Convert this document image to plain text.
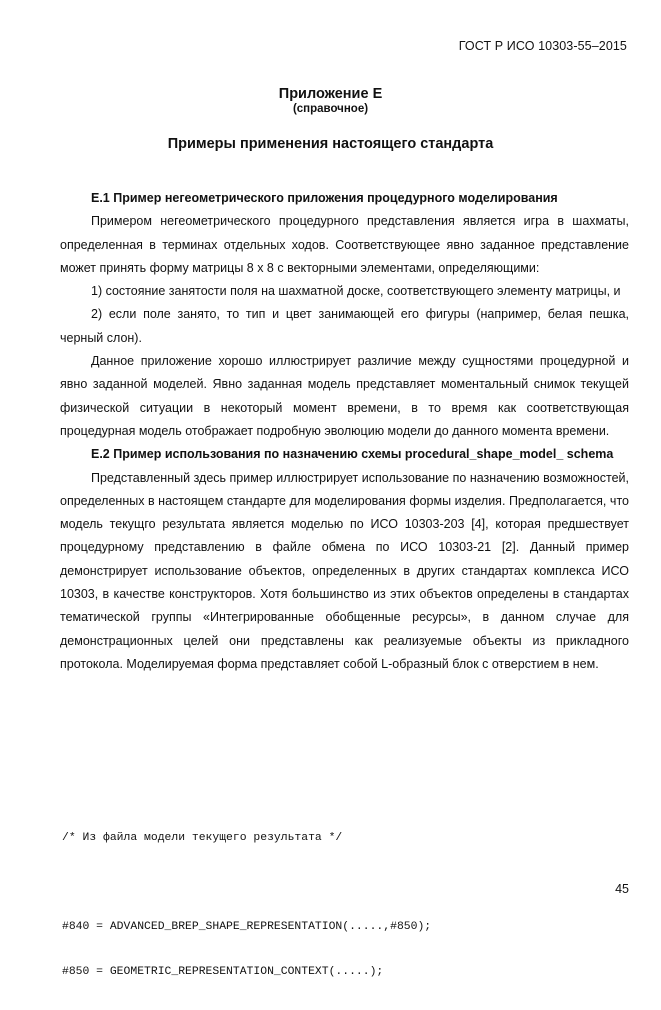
ГОСТ Р ИСО 10303-55–2015
Приложение Е
(справочное)
Примеры применения настоящего стандарта

Е.1 Пример негеометрического приложения процедурного моделирования

Примером негеометрического процедурного представления является игра в шахматы, определенная в терминах отдельных ходов. Соответствующее явно заданное представление может принять форму матрицы 8 х 8 с векторными элементами, определяющими:

1) состояние занятости поля на шахматной доске, соответствующего элементу матрицы, и

2) если поле занято, то тип и цвет занимающей его фигуры (например, белая пешка, черный слон).

Данное приложение хорошо иллюстрирует различие между сущностями процедурной и явно заданной моделей. Явно заданная модель представляет моментальный снимок текущей физической ситуации в некоторый момент времени, в то время как соответствующая процедурная модель отображает подробную эволюцию модели до данного момента времени.

Е.2 Пример использования по назначению схемы procedural_shape_model_ schema

Представленный здесь пример иллюстрирует использование по назначению возможностей, определенных в настоящем стандарте для моделирования формы изделия. Предполагается, что модель текущго результата является моделью по ИСО 10303-203 [4], которая предшествует процедурному представлению в файле обмена по ИСО 10303-21 [2]. Данный пример демонстрирует использование объектов, определенных в других стандартах комплекса ИСО 10303, в качестве конструкторов. Хотя большинство из этих объектов определены в стандартах тематической группы «Интегрированные обобщенные ресурсы», в данном случае для демонстрационных целей они представлены как реализуемые объекты из прикладного протокола. Моделируемая форма представляет собой L-образный блок с отверстием в нем.

/* Из файла модели текущего результата */

#840 = ADVANCED_BREP_SHAPE_REPRESENTATION(.....,#850);

#850 = GEOMETRIC_REPRESENTATION_CONTEXT(.....);

45
